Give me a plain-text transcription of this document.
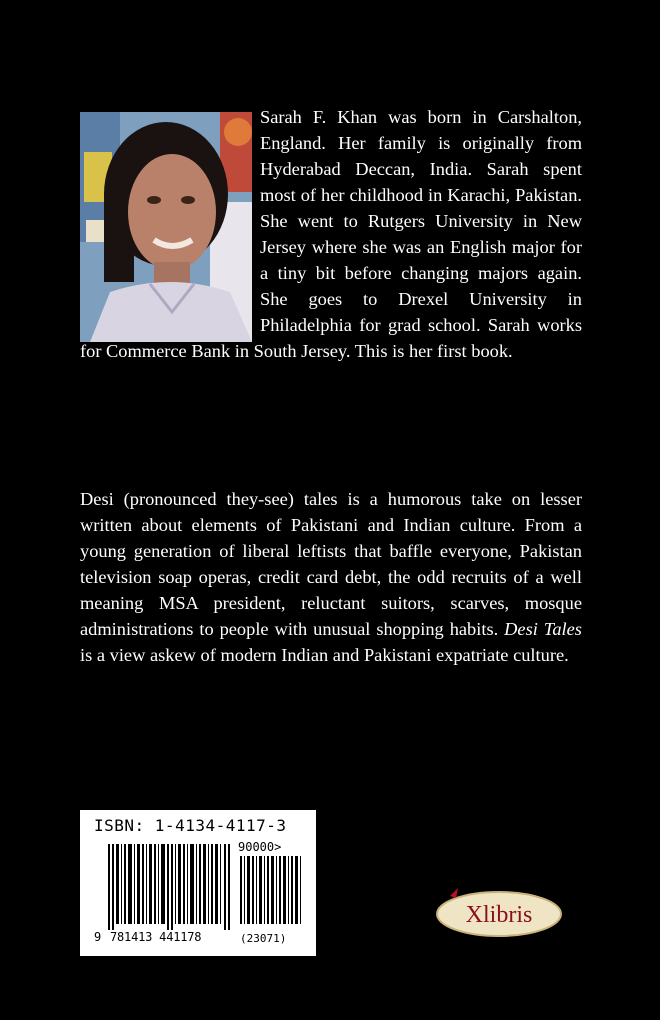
Sarah F. Khan was born in Carshalton, England. Her family is originally from Hyderabad Deccan, India. Sarah spent most of her childhood in Karachi, Pakistan. She went to Rutgers University in New Jersey where she was an English major for a tiny bit before changing majors again. She goes to Drexel University in Philadelphia for grad school. Sarah works for Commerce Bank in South Jersey. This is her first book.

Desi (pronounced they-see) tales is a humorous take on lesser written about elements of Pakistani and Indian culture. From a young generation of liberal leftists that baffle everyone, Pakistan television soap operas, credit card debt, the odd recruits of a well meaning MSA president, reluctant suitors, scarves, mosque administrations to people with unusual shopping habits. Desi Tales is a view askew of modern Indian and Pakistani expatriate culture.

ISBN: 1-4134-4117-3
90000>
9 781413 441178	(23071)
Xlibris
